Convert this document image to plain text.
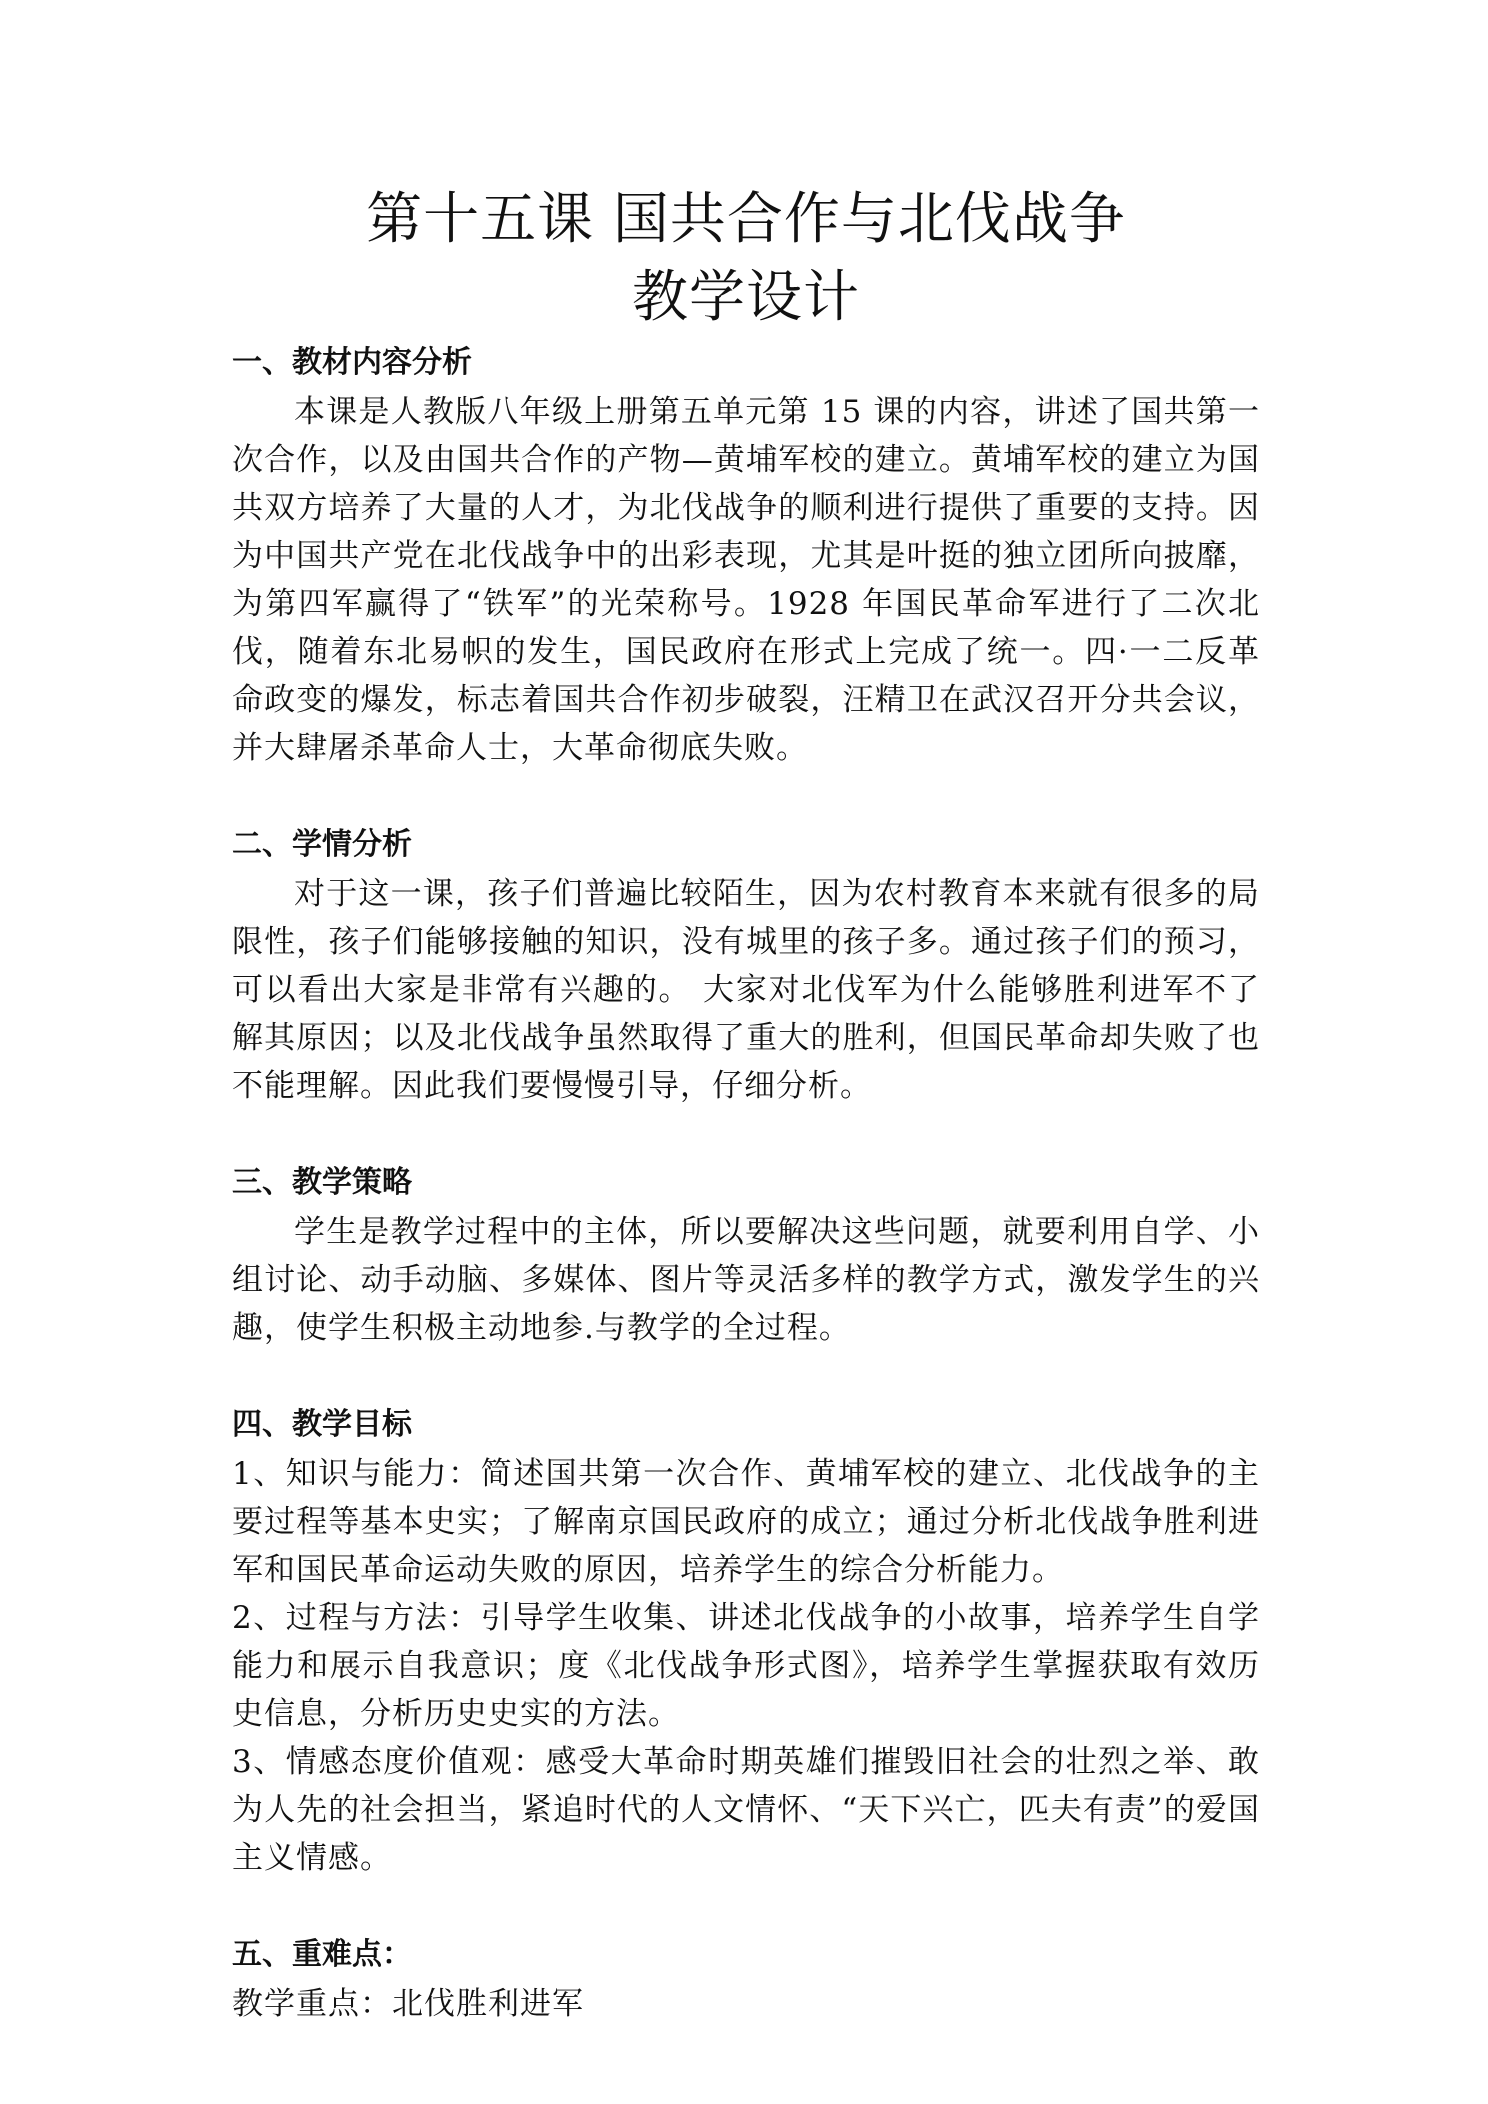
第十五课 国共合作与北伐战争
教学设计
一、教材内容分析

本课是人教版八年级上册第五单元第 15 课的内容，讲述了国共第一次合作，以及由国共合作的产物—黄埔军校的建立。黄埔军校的建立为国共双方培养了大量的人才，为北伐战争的顺利进行提供了重要的支持。因为中国共产党在北伐战争中的出彩表现，尤其是叶挺的独立团所向披靡，为第四军赢得了“铁军”的光荣称号。1928 年国民革命军进行了二次北伐，随着东北易帜的发生，国民政府在形式上完成了统一。四·一二反革命政变的爆发，标志着国共合作初步破裂，汪精卫在武汉召开分共会议，并大肆屠杀革命人士，大革命彻底失败。

二、学情分析

对于这一课，孩子们普遍比较陌生，因为农村教育本来就有很多的局限性，孩子们能够接触的知识，没有城里的孩子多。通过孩子们的预习，可以看出大家是非常有兴趣的。 大家对北伐军为什么能够胜利进军不了解其原因；以及北伐战争虽然取得了重大的胜利，但国民革命却失败了也不能理解。因此我们要慢慢引导，仔细分析。

三、教学策略

学生是教学过程中的主体，所以要解决这些问题，就要利用自学、小组讨论、动手动脑、多媒体、图片等灵活多样的教学方式，激发学生的兴趣，使学生积极主动地参.与教学的全过程。

四、教学目标

1、知识与能力：简述国共第一次合作、黄埔军校的建立、北伐战争的主要过程等基本史实；了解南京国民政府的成立；通过分析北伐战争胜利进军和国民革命运动失败的原因，培养学生的综合分析能力。

2、过程与方法：引导学生收集、讲述北伐战争的小故事，培养学生自学能力和展示自我意识；度《北伐战争形式图》，培养学生掌握获取有效历史信息，分析历史史实的方法。

3、情感态度价值观：感受大革命时期英雄们摧毁旧社会的壮烈之举、敢为人先的社会担当，紧追时代的人文情怀、“天下兴亡，匹夫有责”的爱国主义情感。

五、重难点：

教学重点：北伐胜利进军
